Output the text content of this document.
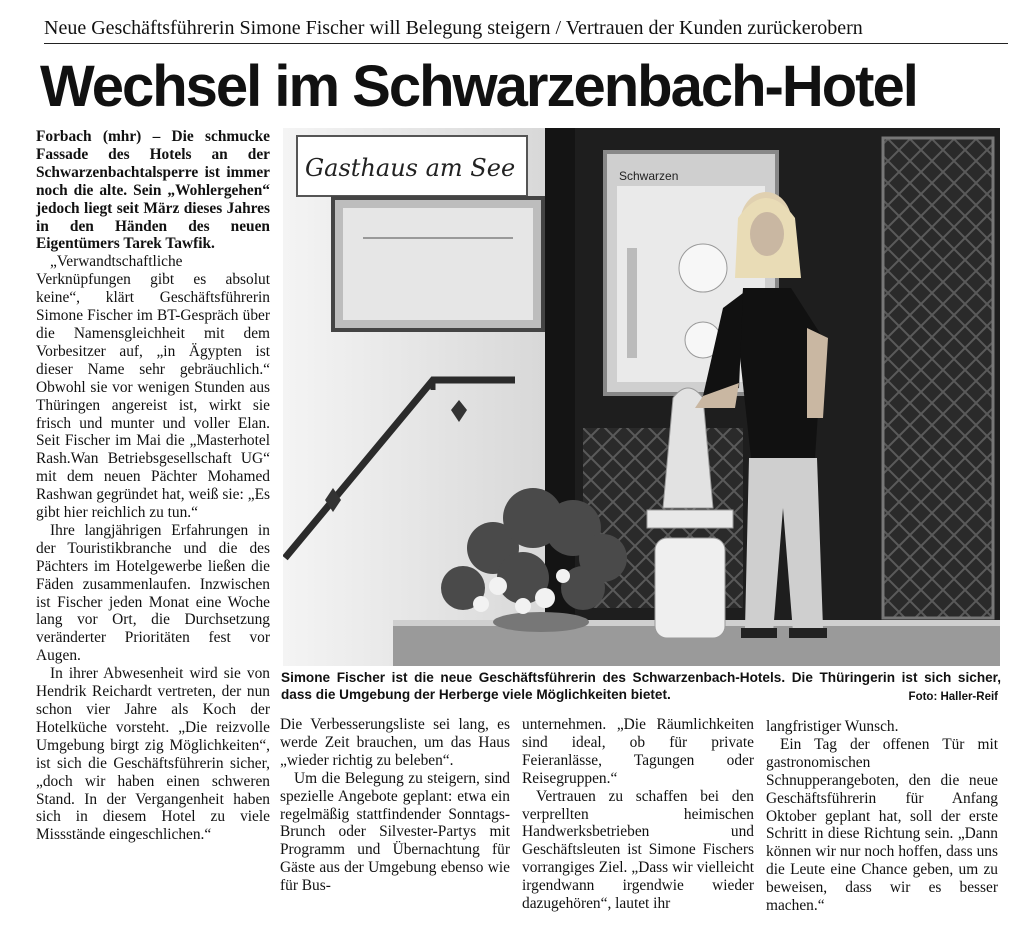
Neue Geschäftsführerin Simone Fischer will Belegung steigern / Vertrauen der Kunden zurückerobern
Wechsel im Schwarzenbach-Hotel

Forbach (mhr) – Die schmucke Fassade des Hotels an der Schwarzenbachtalsperre ist immer noch die alte. Sein „Wohlergehen“ jedoch liegt seit März dieses Jahres in den Händen des neuen Eigentümers Tarek Tawfik.

„Verwandtschaftliche Verknüpfungen gibt es absolut keine“, klärt Geschäftsführerin Simone Fischer im BT-Gespräch über die Namensgleichheit mit dem Vorbesitzer auf, „in Ägypten ist dieser Name sehr gebräuchlich.“ Obwohl sie vor wenigen Stunden aus Thüringen angereist ist, wirkt sie frisch und munter und voller Elan. Seit Fischer im Mai die „Masterhotel Rash.Wan Betriebsgesellschaft UG“ mit dem neuen Pächter Mohamed Rashwan gegründet hat, weiß sie: „Es gibt hier reichlich zu tun.“

Ihre langjährigen Erfahrungen in der Touristikbranche und die des Pächters im Hotelgewerbe ließen die Fäden zusammenlaufen. Inzwischen ist Fischer jeden Monat eine Woche lang vor Ort, die Durchsetzung veränderter Prioritäten fest vor Augen.

In ihrer Abwesenheit wird sie von Hendrik Reichardt vertreten, der nun schon vier Jahre als Koch der Hotelküche vorsteht. „Die reizvolle Umgebung birgt zig Möglichkeiten“, ist sich die Geschäftsführerin sicher, „doch wir haben einen schweren Stand. In der Vergangenheit haben sich in diesem Hotel zu viele Missstände eingeschlichen.“

Gasthaus am See	Schwarzen
Simone Fischer ist die neue Geschäftsführerin des Schwarzenbach-Hotels. Die Thüringerin ist sich sicher, dass die Umgebung der Herberge viele Möglichkeiten bietet.	Foto: Haller-Reif

Die Verbesserungsliste sei lang, es werde Zeit brauchen, um das Haus „wieder richtig zu beleben“.

Um die Belegung zu steigern, sind spezielle Angebote geplant: etwa ein regelmäßig stattfindender Sonntags-Brunch oder Silvester-Partys mit Programm und Übernachtung für Gäste aus der Umgebung ebenso wie für Bus-

unternehmen. „Die Räumlichkeiten sind ideal, ob für private Feieranlässe, Tagungen oder Reisegruppen.“

Vertrauen zu schaffen bei den verprellten heimischen Handwerksbetrieben und Geschäftsleuten ist Simone Fischers vorrangiges Ziel. „Dass wir vielleicht irgendwann irgendwie wieder dazugehören“, lautet ihr

langfristiger Wunsch.

Ein Tag der offenen Tür mit gastronomischen Schnupperangeboten, den die neue Geschäftsführerin für Anfang Oktober geplant hat, soll der erste Schritt in diese Richtung sein. „Dann können wir nur noch hoffen, dass uns die Leute eine Chance geben, um zu beweisen, dass wir es besser machen.“
